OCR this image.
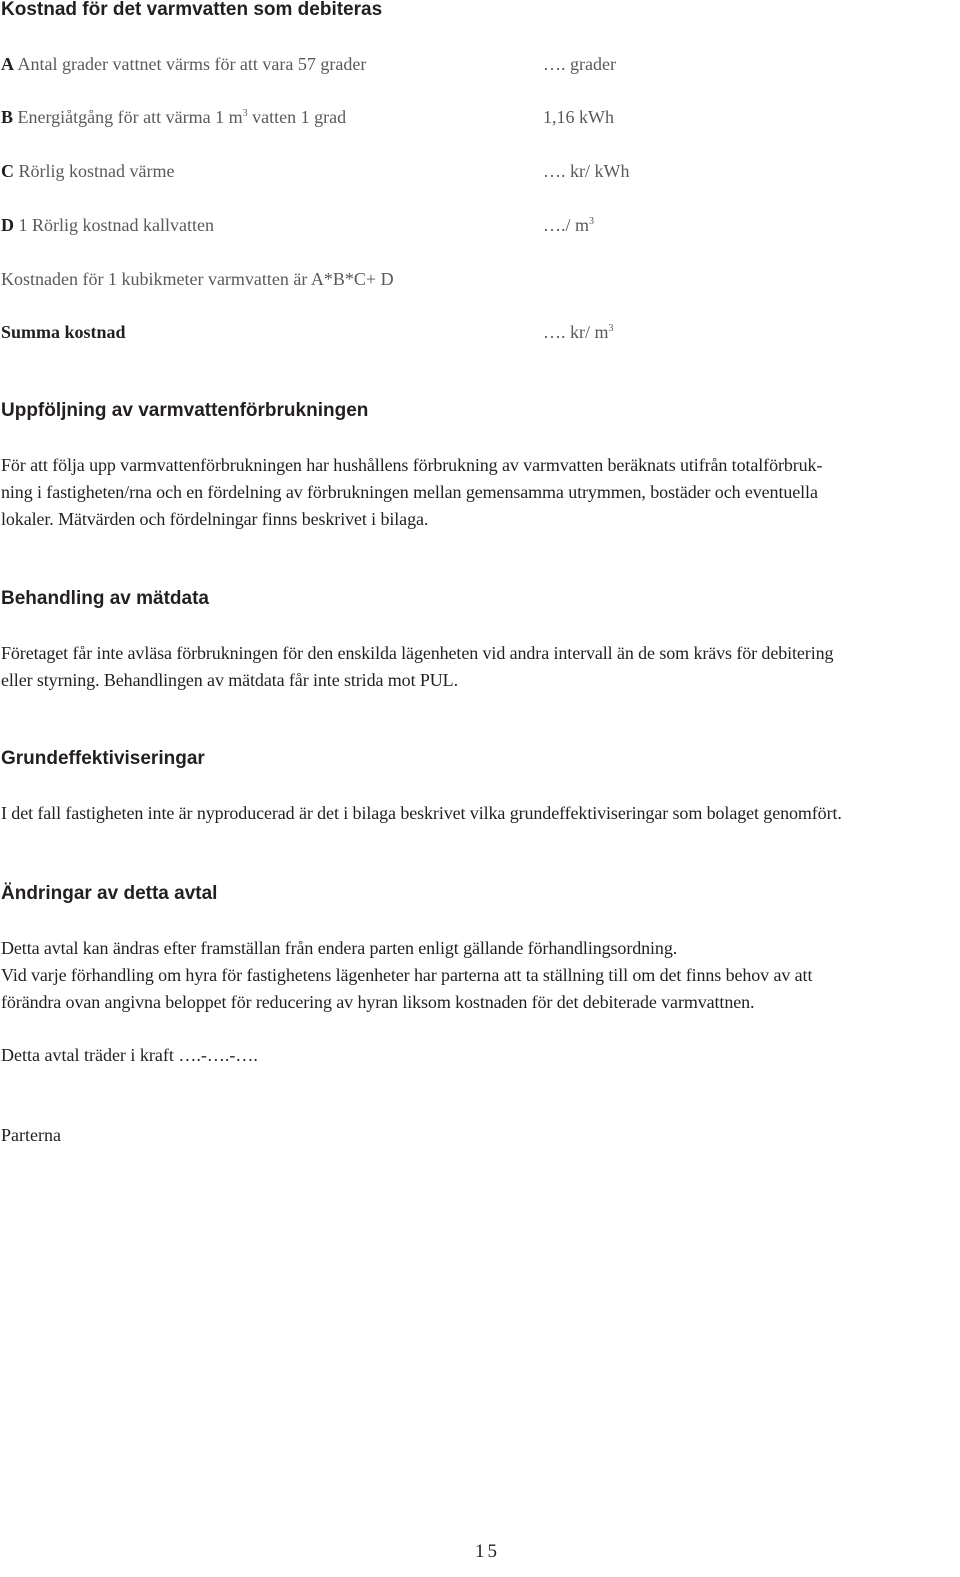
Kostnad för det varmvatten som debiteras
A Antal grader vattnet värms för att vara 57 grader	…. grader
B Energiåtgång för att värma 1 $m^3$ vatten 1 grad	1,16 kWh
C Rörlig kostnad värme	…. kr/ kWh
D 1 Rörlig kostnad kallvatten	…./ $m^3$
Kostnaden för 1 kubikmeter varmvatten är A*B*C+ D
Summa kostnad	…. kr/ $m^3$
Uppföljning av varmvattenförbrukningen
För att följa upp varmvattenförbrukningen har hushållens förbrukning av varmvatten beräknats utifrån totalförbruk-
ning i fastigheten/rna och en fördelning av förbrukningen mellan gemensamma utrymmen, bostäder och eventuella
lokaler. Mätvärden och fördelningar finns beskrivet i bilaga.
Behandling av mätdata
Företaget får inte avläsa förbrukningen för den enskilda lägenheten vid andra intervall än de som krävs för debitering
eller styrning. Behandlingen av mätdata får inte strida mot PUL.
Grundeffektiviseringar
I det fall fastigheten inte är nyproducerad är det i bilaga beskrivet vilka grundeffektiviseringar som bolaget genomfört.
Ändringar av detta avtal
Detta avtal kan ändras efter framställan från endera parten enligt gällande förhandlingsordning.
Vid varje förhandling om hyra för fastighetens lägenheter har parterna att ta ställning till om det finns behov av att
förändra ovan angivna beloppet för reducering av hyran liksom kostnaden för det debiterade varmvattnen.
Detta avtal träder i kraft ….-….-….
Parterna
15
